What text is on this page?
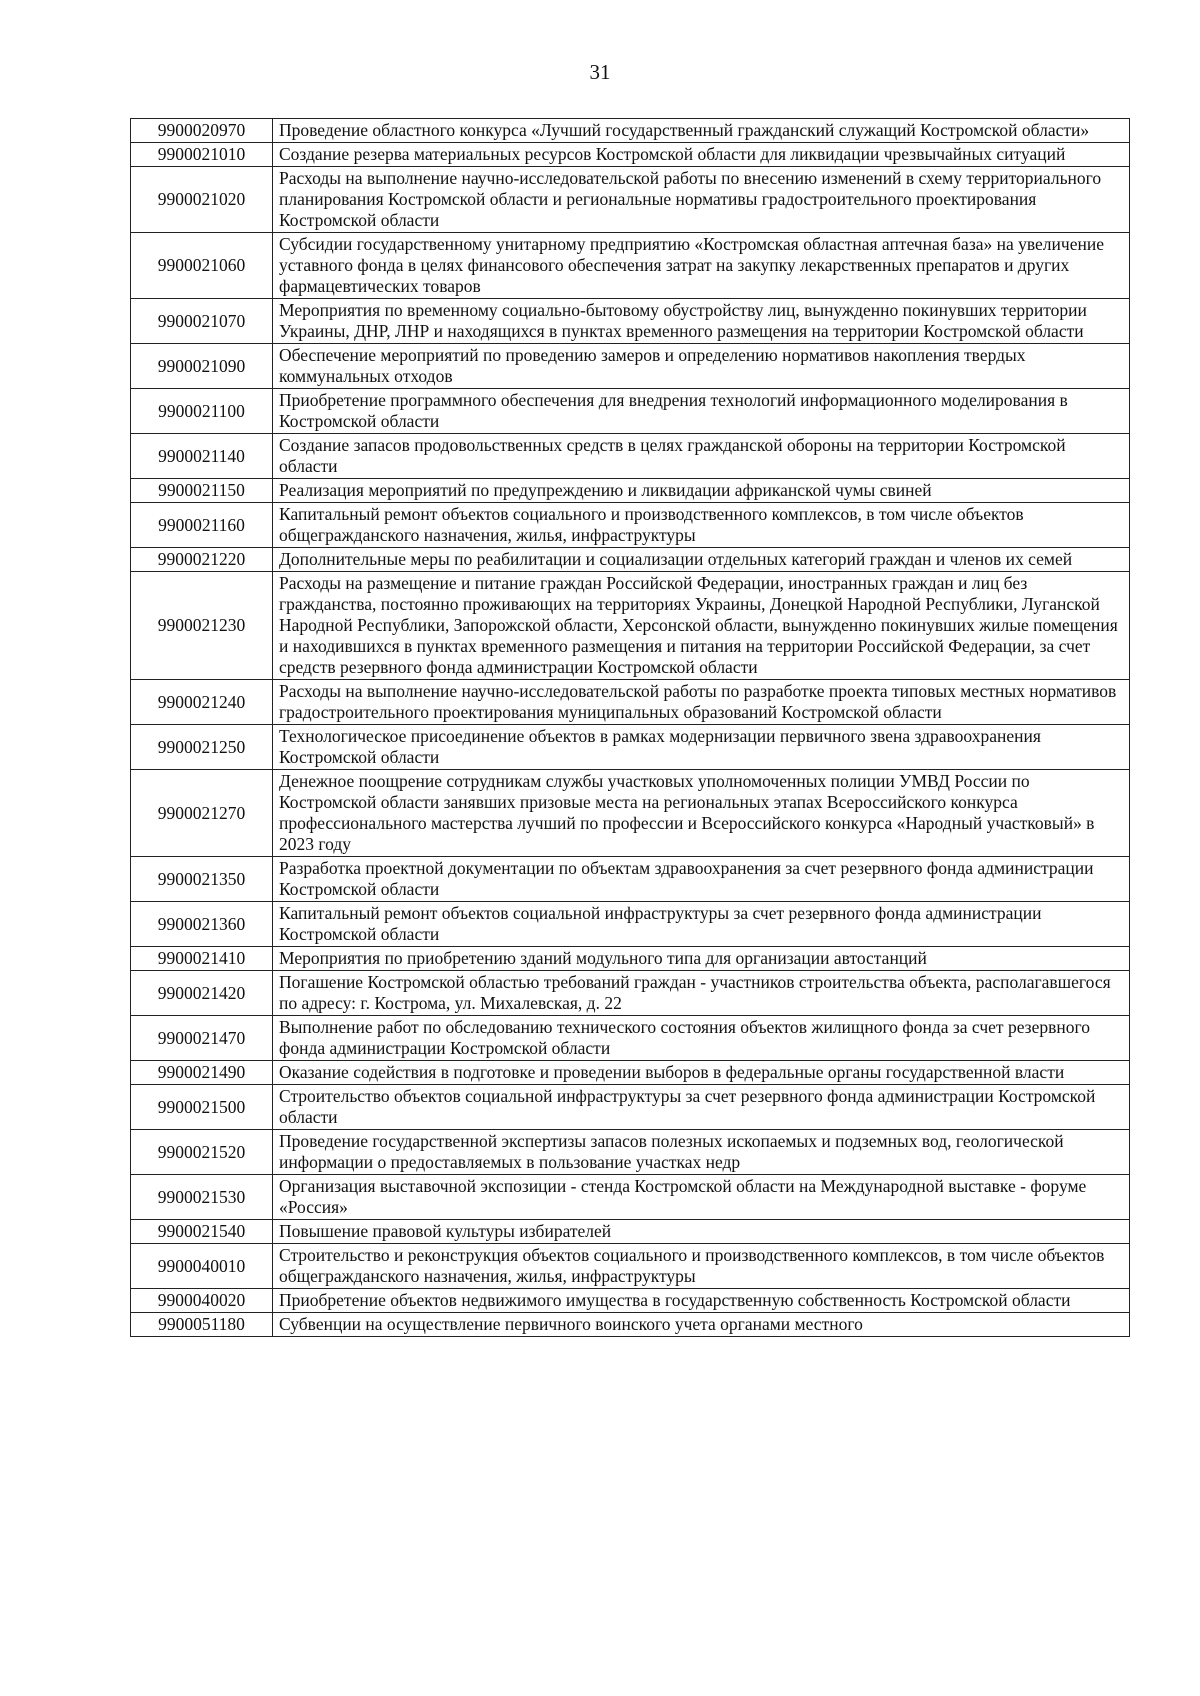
31
9900020970	Проведение областного конкурса «Лучший государственный гражданский служащий Костромской области»
9900021010	Создание резерва материальных ресурсов Костромской области для ликвидации чрезвычайных ситуаций
9900021020	Расходы на выполнение научно-исследовательской работы по внесению изменений в схему территориального планирования Костромской области и региональные нормативы градостроительного проектирования Костромской области
9900021060	Субсидии государственному унитарному предприятию «Костромская областная аптечная база» на увеличение уставного фонда в целях финансового обеспечения затрат на закупку лекарственных препаратов и других фармацевтических товаров
9900021070	Мероприятия по временному социально-бытовому обустройству лиц, вынужденно покинувших территории Украины, ДНР, ЛНР и находящихся в пунктах временного размещения на территории Костромской области
9900021090	Обеспечение мероприятий по проведению замеров и определению нормативов накопления твердых коммунальных отходов
9900021100	Приобретение программного обеспечения для внедрения технологий информационного моделирования в Костромской области
9900021140	Создание запасов продовольственных средств в целях гражданской обороны на территории Костромской области
9900021150	Реализация мероприятий по предупреждению и ликвидации африканской чумы свиней
9900021160	Капитальный ремонт объектов социального и производственного комплексов, в том числе объектов общегражданского назначения, жилья, инфраструктуры
9900021220	Дополнительные меры по реабилитации и социализации отдельных категорий граждан и членов их семей
9900021230	Расходы на размещение и питание граждан Российской Федерации, иностранных граждан и лиц без гражданства, постоянно проживающих на территориях Украины, Донецкой Народной Республики, Луганской Народной Республики, Запорожской области, Херсонской области, вынужденно покинувших жилые помещения и находившихся в пунктах временного размещения и питания на территории Российской Федерации, за счет средств резервного фонда администрации Костромской области
9900021240	Расходы на выполнение научно-исследовательской работы по разработке проекта типовых местных нормативов градостроительного проектирования муниципальных образований Костромской области
9900021250	Технологическое присоединение объектов в рамках модернизации первичного звена здравоохранения Костромской области
9900021270	Денежное поощрение сотрудникам службы участковых уполномоченных полиции УМВД России по Костромской области занявших призовые места на региональных этапах Всероссийского конкурса профессионального мастерства лучший по профессии и Всероссийского конкурса «Народный участковый» в 2023 году
9900021350	Разработка проектной документации по объектам здравоохранения за счет резервного фонда администрации Костромской области
9900021360	Капитальный ремонт объектов социальной инфраструктуры за счет резервного фонда администрации Костромской области
9900021410	Мероприятия по приобретению зданий модульного типа для организации автостанций
9900021420	Погашение Костромской областью требований граждан - участников строительства объекта, располагавшегося по адресу: г. Кострома, ул. Михалевская, д. 22
9900021470	Выполнение работ по обследованию технического состояния объектов жилищного фонда за счет резервного фонда администрации Костромской области
9900021490	Оказание содействия в подготовке и проведении выборов в федеральные органы государственной власти
9900021500	Строительство объектов социальной инфраструктуры за счет резервного фонда администрации Костромской области
9900021520	Проведение государственной экспертизы запасов полезных ископаемых и подземных вод, геологической информации о предоставляемых в пользование участках недр
9900021530	Организация выставочной экспозиции - стенда Костромской области на Международной выставке - форуме «Россия»
9900021540	Повышение правовой культуры избирателей
9900040010	Строительство и реконструкция объектов социального и производственного комплексов, в том числе объектов общегражданского назначения, жилья, инфраструктуры
9900040020	Приобретение объектов недвижимого имущества в государственную собственность Костромской области
9900051180	Субвенции на осуществление первичного воинского учета органами местного
